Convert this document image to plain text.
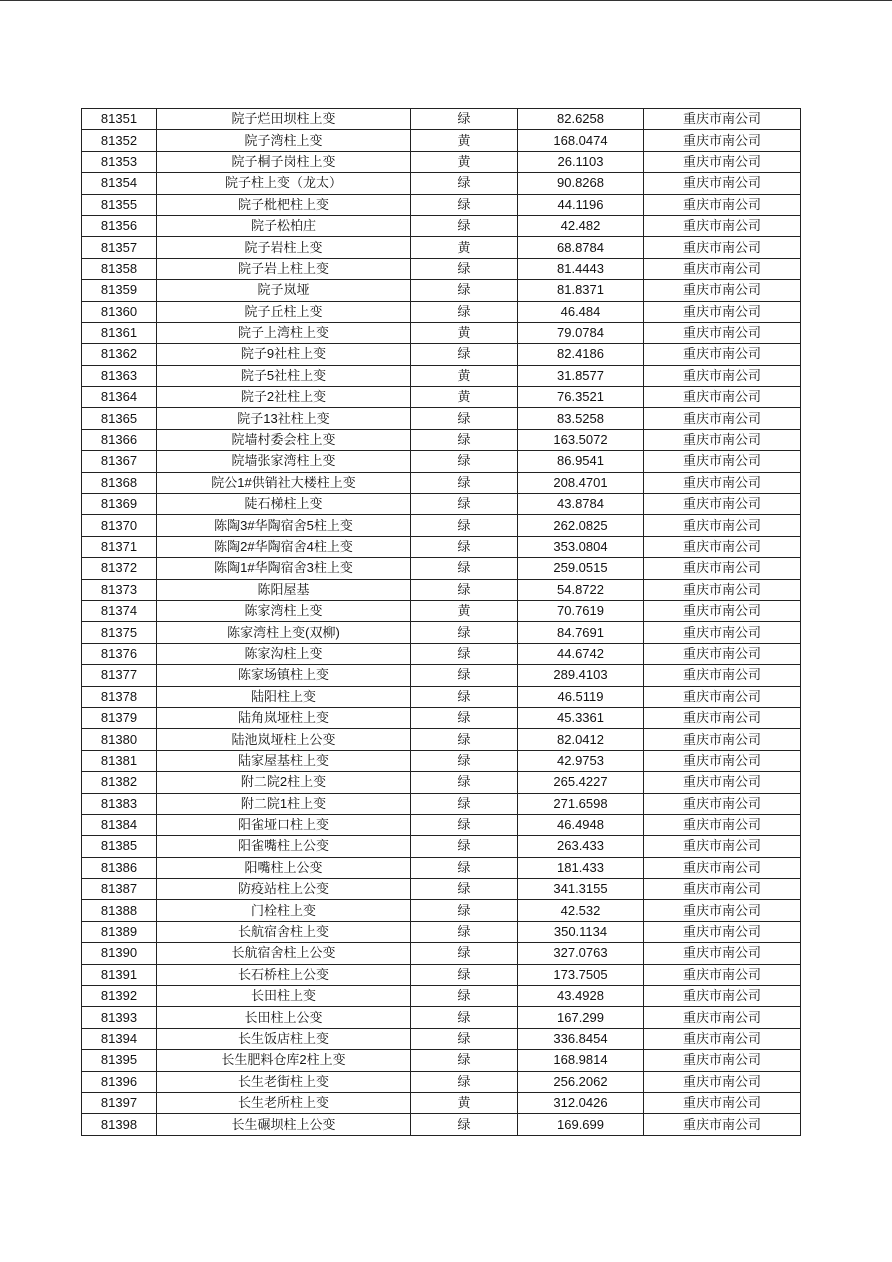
81351	院子烂田坝柱上变	绿	82.6258	重庆市南公司
81352	院子湾柱上变	黄	168.0474	重庆市南公司
81353	院子桐子岗柱上变	黄	26.1103	重庆市南公司
81354	院子柱上变（龙太）	绿	90.8268	重庆市南公司
81355	院子枇杷柱上变	绿	44.1196	重庆市南公司
81356	院子松柏庄	绿	42.482	重庆市南公司
81357	院子岩柱上变	黄	68.8784	重庆市南公司
81358	院子岩上柱上变	绿	81.4443	重庆市南公司
81359	院子岚垭	绿	81.8371	重庆市南公司
81360	院子丘柱上变	绿	46.484	重庆市南公司
81361	院子上湾柱上变	黄	79.0784	重庆市南公司
81362	院子9社柱上变	绿	82.4186	重庆市南公司
81363	院子5社柱上变	黄	31.8577	重庆市南公司
81364	院子2社柱上变	黄	76.3521	重庆市南公司
81365	院子13社柱上变	绿	83.5258	重庆市南公司
81366	院墙村委会柱上变	绿	163.5072	重庆市南公司
81367	院墙张家湾柱上变	绿	86.9541	重庆市南公司
81368	院公1#供销社大楼柱上变	绿	208.4701	重庆市南公司
81369	陡石梯柱上变	绿	43.8784	重庆市南公司
81370	陈陶3#华陶宿舍5柱上变	绿	262.0825	重庆市南公司
81371	陈陶2#华陶宿舍4柱上变	绿	353.0804	重庆市南公司
81372	陈陶1#华陶宿舍3柱上变	绿	259.0515	重庆市南公司
81373	陈阳屋基	绿	54.8722	重庆市南公司
81374	陈家湾柱上变	黄	70.7619	重庆市南公司
81375	陈家湾柱上变(双柳)	绿	84.7691	重庆市南公司
81376	陈家沟柱上变	绿	44.6742	重庆市南公司
81377	陈家场镇柱上变	绿	289.4103	重庆市南公司
81378	陆阳柱上变	绿	46.5119	重庆市南公司
81379	陆角岚垭柱上变	绿	45.3361	重庆市南公司
81380	陆池岚垭柱上公变	绿	82.0412	重庆市南公司
81381	陆家屋基柱上变	绿	42.9753	重庆市南公司
81382	附二院2柱上变	绿	265.4227	重庆市南公司
81383	附二院1柱上变	绿	271.6598	重庆市南公司
81384	阳雀垭口柱上变	绿	46.4948	重庆市南公司
81385	阳雀嘴柱上公变	绿	263.433	重庆市南公司
81386	阳嘴柱上公变	绿	181.433	重庆市南公司
81387	防疫站柱上公变	绿	341.3155	重庆市南公司
81388	门栓柱上变	绿	42.532	重庆市南公司
81389	长航宿舍柱上变	绿	350.1134	重庆市南公司
81390	长航宿舍柱上公变	绿	327.0763	重庆市南公司
81391	长石桥柱上公变	绿	173.7505	重庆市南公司
81392	长田柱上变	绿	43.4928	重庆市南公司
81393	长田柱上公变	绿	167.299	重庆市南公司
81394	长生饭店柱上变	绿	336.8454	重庆市南公司
81395	长生肥料仓库2柱上变	绿	168.9814	重庆市南公司
81396	长生老街柱上变	绿	256.2062	重庆市南公司
81397	长生老所柱上变	黄	312.0426	重庆市南公司
81398	长生碾坝柱上公变	绿	169.699	重庆市南公司
